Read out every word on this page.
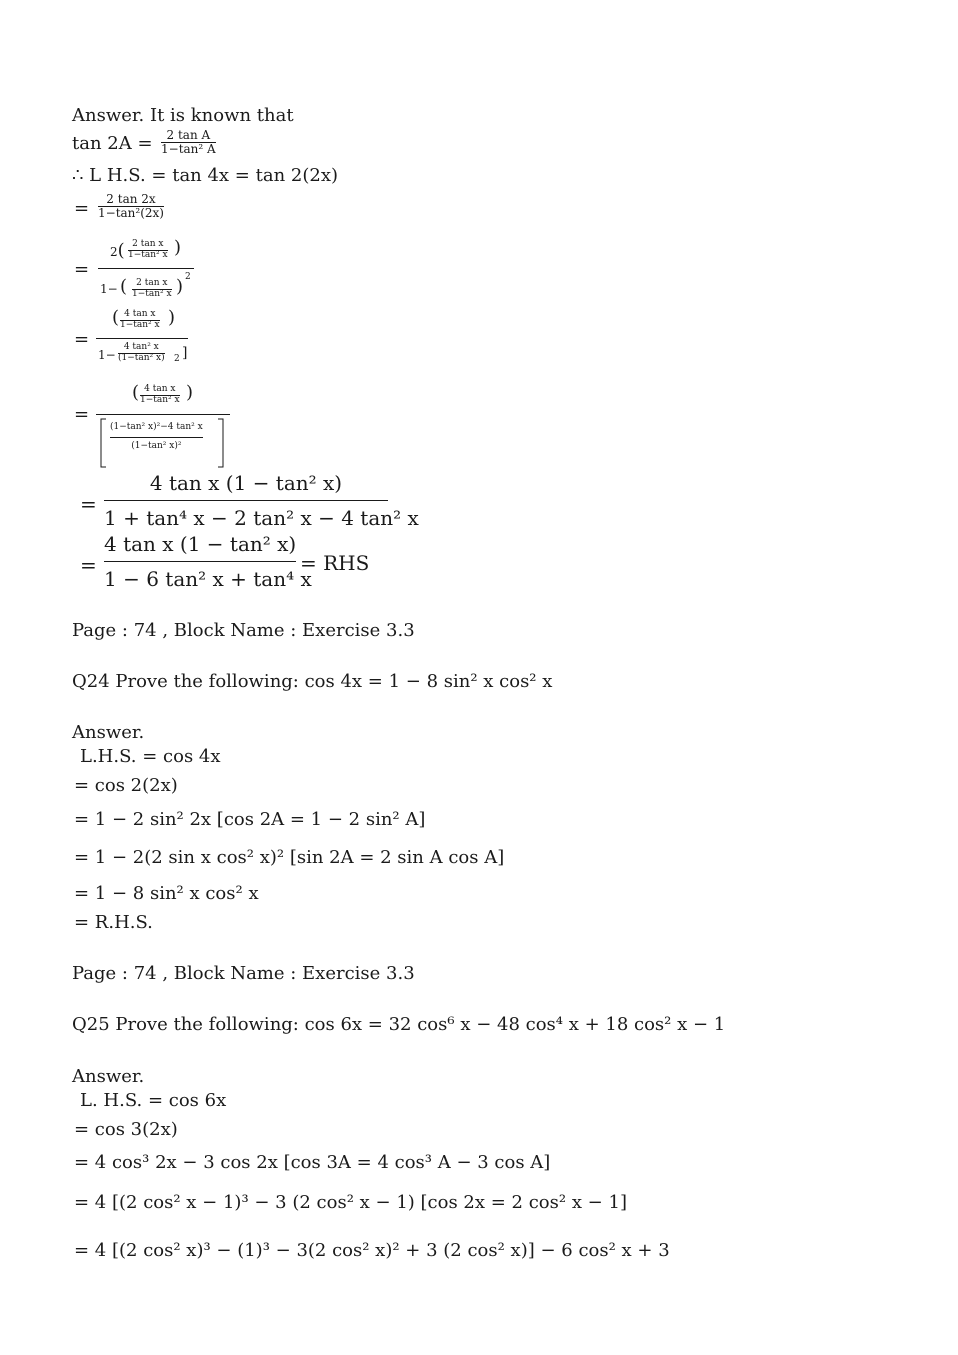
Answer. It is known that
tan 2A =	2 tan A
1−tan² A
∴ L H.S. = tan 4x = tan 2(2x)
=	2 tan 2x
1−tan²(2x)
=
2( 2 tan x
1−tan² x )
1− (	2 tan x
1−tan² x ) 2
=
( 4 tan x
1−tan² x )
1−
4 tan² x
(1−tan² x) 2 ]
=
( 4 tan x
1−tan² x )
(1−tan² x)²−4 tan² x
(1−tan² x)²
=
4 tan x (1 − tan² x)
1 + tan⁴ x − 2 tan² x − 4 tan² x
=
4 tan x (1 − tan² x)
1 − 6 tan² x + tan⁴ x
= RHS
Page : 74 , Block Name : Exercise 3.3
Q24 Prove the following: cos 4x = 1 − 8 sin² x cos² x
Answer.
L.H.S. = cos 4x
= cos 2(2x)
= 1 − 2 sin² 2x [cos 2A = 1 − 2 sin² A]
= 1 − 2(2 sin x cos² x)² [sin 2A = 2 sin A cos A]
= 1 − 8 sin² x cos² x
= R.H.S.
Page : 74 , Block Name : Exercise 3.3
Q25 Prove the following: cos 6x = 32 cos⁶ x − 48 cos⁴ x + 18 cos² x − 1
Answer.
L. H.S. = cos 6x
= cos 3(2x)
= 4 cos³ 2x − 3 cos 2x [cos 3A = 4 cos³ A − 3 cos A]
= 4 [(2 cos² x − 1)³ − 3 (2 cos² x − 1) [cos 2x = 2 cos² x − 1]
= 4 [(2 cos² x)³ − (1)³ − 3(2 cos² x)² + 3 (2 cos² x)] − 6 cos² x + 3
